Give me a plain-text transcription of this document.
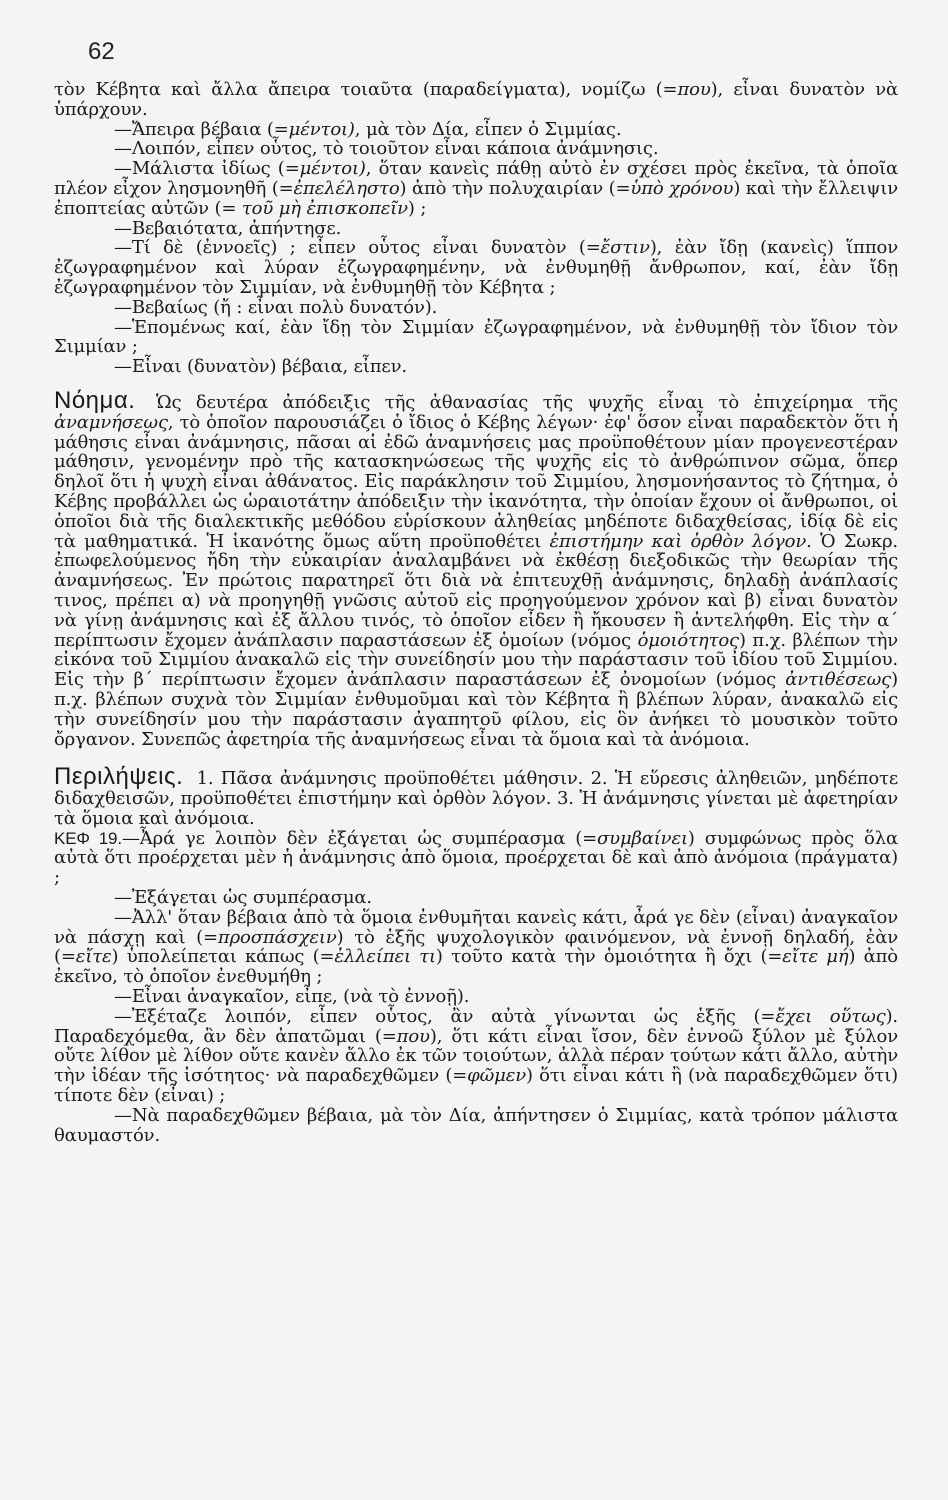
62

τὸν Κέβητα καὶ ἄλλα ἄπειρα τοιαῦτα (παραδείγματα), νομίζω (=που), εἶναι δυνατὸν νὰ ὑπάρχουν.

—Ἄπειρα βέβαια (=μέντοι), μὰ τὸν Δία, εἶπεν ὁ Σιμμίας.

—Λοιπόν, εἶπεν οὗτος, τὸ τοιοῦτον εἶναι κάποια ἀνάμνησις.

—Μάλιστα ἰδίως (=μέντοι), ὅταν κανεὶς πάθῃ αὐτὸ ἐν σχέσει πρὸς ἐκεῖνα, τὰ ὁποῖα πλέον εἶχον λησμονηθῆ (=ἐπελέληστο) ἀπὸ τὴν πολυχαιρίαν (=ὑπὸ χρόνου) καὶ τὴν ἔλλειψιν ἐποπτείας αὐτῶν (= τοῦ μὴ ἐπισκοπεῖν) ;

—Βεβαιότατα, ἀπήντησε.

—Τί δὲ (ἐννοεῖς) ; εἶπεν οὗτος εἶναι δυνατὸν (=ἔστιν), ἐὰν ἴδῃ (κανεὶς) ἵππον ἐζωγραφημένον καὶ λύραν ἐζωγραφημένην, νὰ ἐνθυμηθῇ ἄνθρωπον, καί, ἐὰν ἴδῃ ἐζωγραφημένον τὸν Σιμμίαν, νὰ ἐνθυμηθῇ τὸν Κέβητα ;

—Βεβαίως (ἤ : εἶναι πολὺ δυνατόν).

—Ἑπομένως καί, ἐὰν ἴδῃ τὸν Σιμμίαν ἐζωγραφημένον, νὰ ἐνθυμηθῇ τὸν ἴδιον τὸν Σιμμίαν ;

—Εἶναι (δυνατὸν) βέβαια, εἶπεν.

Νόημα. Ὡς δευτέρα ἀπόδειξις τῆς ἀθανασίας τῆς ψυχῆς εἶναι τὸ ἐπιχείρημα τῆς ἀναμνήσεως, τὸ ὁποῖον παρουσιάζει ὁ ἴδιος ὁ Κέβης λέγων· ἐφ' ὅσον εἶναι παραδεκτὸν ὅτι ἡ μάθησις εἶναι ἀνάμνησις, πᾶσαι αἱ ἐδῶ ἀναμνήσεις μας προϋποθέτουν μίαν προγενεστέραν μάθησιν, γενομένην πρὸ τῆς κατασκηνώσεως τῆς ψυχῆς εἰς τὸ ἀνθρώπινον σῶμα, ὅπερ δηλοῖ ὅτι ἡ ψυχὴ εἶναι ἀθάνατος. Εἰς παράκλησιν τοῦ Σιμμίου, λησμονήσαντος τὸ ζήτημα, ὁ Κέβης προβάλλει ὡς ὡραιοτάτην ἀπόδειξιν τὴν ἱκανότητα, τὴν ὁποίαν ἔχουν οἱ ἄνθρωποι, οἱ ὁποῖοι διὰ τῆς διαλεκτικῆς μεθόδου εὑρίσκουν ἀληθείας μηδέποτε διδαχθείσας, ἰδίᾳ δὲ εἰς τὰ μαθηματικά. Ἡ ἱκανότης ὅμως αὕτη προϋποθέτει ἐπιστήμην καὶ ὀρθὸν λόγον. Ὁ Σωκρ. ἐπωφελούμενος ἤδη τὴν εὐκαιρίαν ἀναλαμβάνει νὰ ἐκθέσῃ διεξοδικῶς τὴν θεωρίαν τῆς ἀναμνήσεως. Ἐν πρώτοις παρατηρεῖ ὅτι διὰ νὰ ἐπιτευχθῇ ἀνάμνησις, δηλαδὴ ἀνάπλασίς τινος, πρέπει α) νὰ προηγηθῇ γνῶσις αὐτοῦ εἰς προηγούμενον χρόνον καὶ β) εἶναι δυνατὸν νὰ γίνῃ ἀνάμνησις καὶ ἐξ ἄλλου τινός, τὸ ὁποῖον εἶδεν ἢ ἤκουσεν ἢ ἀντελήφθη. Εἰς τὴν α΄ περίπτωσιν ἔχομεν ἀνάπλασιν παραστάσεων ἐξ ὁμοίων (νόμος ὁμοιότητος) π.χ. βλέπων τὴν εἰκόνα τοῦ Σιμμίου ἀνακαλῶ εἰς τὴν συνείδησίν μου τὴν παράστασιν τοῦ ἰδίου τοῦ Σιμμίου. Εἰς τὴν β΄ περίπτωσιν ἔχομεν ἀνάπλασιν παραστάσεων ἐξ ὀνομοίων (νόμος ἀντιθέσεως) π.χ. βλέπων συχνὰ τὸν Σιμμίαν ἐνθυμοῦμαι καὶ τὸν Κέβητα ἢ βλέπων λύραν, ἀνακαλῶ εἰς τὴν συνείδησίν μου τὴν παράστασιν ἀγαπητοῦ φίλου, εἰς ὃν ἀνήκει τὸ μουσικὸν τοῦτο ὄργανον. Συνεπῶς ἀφετηρία τῆς ἀναμνήσεως εἶναι τὰ ὅμοια καὶ τὰ ἀνόμοια.

Περιλήψεις. 1. Πᾶσα ἀνάμνησις προϋποθέτει μάθησιν. 2. Ἡ εὕρεσις ἀληθειῶν, μηδέποτε διδαχθεισῶν, προϋποθέτει ἐπιστήμην καὶ ὀρθὸν λόγον. 3. Ἡ ἀνάμνησις γίνεται μὲ ἀφετηρίαν τὰ ὅμοια καὶ ἀνόμοια.

ΚΕΦ 19.—Ἆρά γε λοιπὸν δὲν ἐξάγεται ὡς συμπέρασμα (=συμβαίνει) συμφώνως πρὸς ὅλα αὐτὰ ὅτι προέρχεται μὲν ἡ ἀνάμνησις ἀπὸ ὅμοια, προέρχεται δὲ καὶ ἀπὸ ἀνόμοια (πράγματα) ;

—Ἐξάγεται ὡς συμπέρασμα.

—Ἀλλ' ὅταν βέβαια ἀπὸ τὰ ὅμοια ἐνθυμῆται κανεὶς κάτι, ἆρά γε δὲν (εἶναι) ἀναγκαῖον νὰ πάσχῃ καὶ (=προσπάσχειν) τὸ ἑξῆς ψυχολογικὸν φαινόμενον, νὰ ἐννοῇ δηλαδή, ἐὰν (=εἴτε) ὑπολείπεται κάπως (=ἐλλείπει τι) τοῦτο κατὰ τὴν ὁμοιότητα ἢ ὄχι (=εἴτε μή) ἀπὸ ἐκεῖνο, τὸ ὁποῖον ἐνεθυμήθη ;

—Εἶναι ἀναγκαῖον, εἶπε, (νὰ τὸ ἐννοῇ).

—Ἐξέταζε λοιπόν, εἶπεν οὗτος, ἂν αὐτὰ γίνωνται ὡς ἑξῆς (=ἔχει οὕτως). Παραδεχόμεθα, ἂν δὲν ἀπατῶμαι (=που), ὅτι κάτι εἶναι ἴσον, δὲν ἐννοῶ ξύλον μὲ ξύλον οὔτε λίθον μὲ λίθον οὔτε κανὲν ἄλλο ἐκ τῶν τοιούτων, ἀλλὰ πέραν τούτων κάτι ἄλλο, αὐτὴν τὴν ἰδέαν τῆς ἰσότητος· νὰ παραδεχθῶμεν (=φῶμεν) ὅτι εἶναι κάτι ἢ (νὰ παραδεχθῶμεν ὅτι) τίποτε δὲν (εἶναι) ;

—Νὰ παραδεχθῶμεν βέβαια, μὰ τὸν Δία, ἀπήντησεν ὁ Σιμμίας, κατὰ τρόπον μάλιστα θαυμαστόν.
